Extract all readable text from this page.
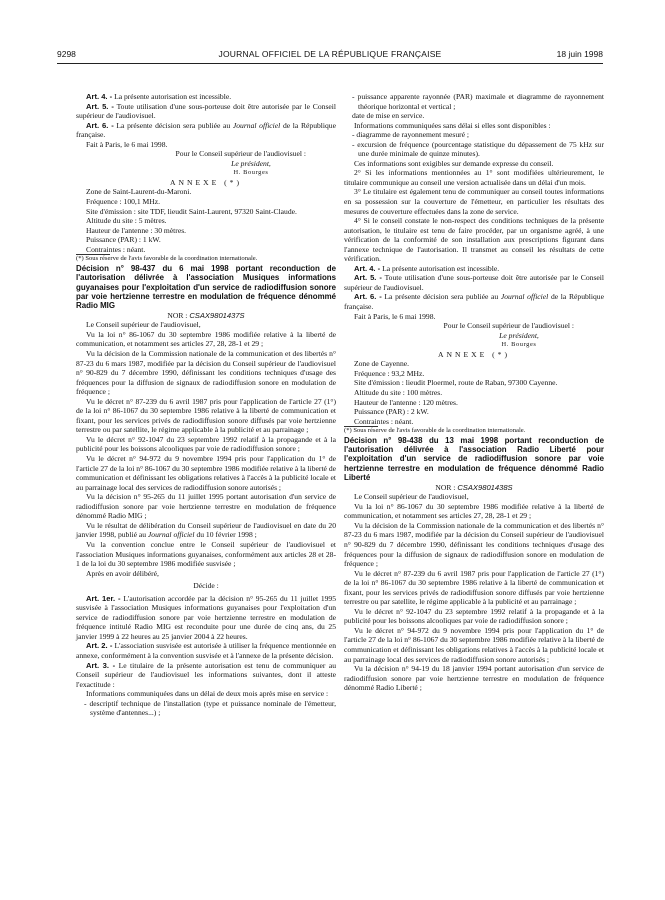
9298	JOURNAL OFFICIEL DE LA RÉPUBLIQUE FRANÇAISE	18 juin 1998
Art. 4. - La présente autorisation est incessible.
Art. 5. - Toute utilisation d'une sous-porteuse doit être autorisée par le Conseil supérieur de l'audiovisuel.
Art. 6. - La présente décision sera publiée au Journal officiel de la République française.
Fait à Paris, le 6 mai 1998.
Pour le Conseil supérieur de l'audiovisuel :
Le président,
H. Bourges
ANNEXE (*)
Zone de Saint-Laurent-du-Maroni.
Fréquence : 100,1 MHz.
Site d'émission : site TDF, lieudit Saint-Laurent, 97320 Saint-Claude.
Altitude du site : 5 mètres.
Hauteur de l'antenne : 30 mètres.
Puissance (PAR) : 1 kW.
Contraintes : néant.
(*) Sous réserve de l'avis favorable de la coordination internationale.
Décision n° 98-437 du 6 mai 1998 portant reconduction de l'autorisation délivrée à l'association Musiques informations guyanaises pour l'exploitation d'un service de radiodiffusion sonore par voie hertzienne terrestre en modulation de fréquence dénommé Radio MIG
NOR : CSAX9801437S
Le Conseil supérieur de l'audiovisuel,
Vu la loi n° 86-1067 du 30 septembre 1986 modifiée relative à la liberté de communication, et notamment ses articles 27, 28, 28-1 et 29 ;
Vu la décision de la Commission nationale de la communication et des libertés n° 87-23 du 6 mars 1987, modifiée par la décision du Conseil supérieur de l'audiovisuel n° 90-829 du 7 décembre 1990, définissant les conditions techniques d'usage des fréquences pour la diffusion de signaux de radiodiffusion sonore en modulation de fréquence ;
Vu le décret n° 87-239 du 6 avril 1987 pris pour l'application de l'article 27 (1°) de la loi n° 86-1067 du 30 septembre 1986 relative à la liberté de communication et fixant, pour les services privés de radiodiffusion sonore diffusés par voie hertzienne terrestre ou par satellite, le régime applicable à la publicité et au parrainage ;
Vu le décret n° 92-1047 du 23 septembre 1992 relatif à la propagande et à la publicité pour les boissons alcooliques par voie de radiodiffusion sonore ;
Vu le décret n° 94-972 du 9 novembre 1994 pris pour l'application du 1° de l'article 27 de la loi n° 86-1067 du 30 septembre 1986 modifiée relative à la liberté de communication et définissant les obligations relatives à l'accès à la publicité locale et au parrainage local des services de radiodiffusion sonore autorisés ;
Vu la décision n° 95-265 du 11 juillet 1995 portant autorisation d'un service de radiodiffusion sonore par voie hertzienne terrestre en modulation de fréquence dénommé Radio MIG ;
Vu le résultat de délibération du Conseil supérieur de l'audiovisuel en date du 20 janvier 1998, publié au Journal officiel du 10 février 1998 ;
Vu la convention conclue entre le Conseil supérieur de l'audiovisuel et l'association Musiques informations guyanaises, conformément aux articles 28 et 28-1 de la loi du 30 septembre 1986 modifiée susvisée ;
Après en avoir délibéré,
Décide :
Art. 1er. - L'autorisation accordée par la décision n° 95-265 du 11 juillet 1995 susvisée à l'association Musiques informations guyanaises pour l'exploitation d'un service de radiodiffusion sonore par voie hertzienne terrestre en modulation de fréquence intitulé Radio MIG est reconduite pour une durée de cinq ans, du 25 janvier 1999 à 22 heures au 25 janvier 2004 à 22 heures.
Art. 2. - L'association susvisée est autorisée à utiliser la fréquence mentionnée en annexe, conformément à la convention susvisée et à l'annexe de la présente décision.
Art. 3. - Le titulaire de la présente autorisation est tenu de communiquer au Conseil supérieur de l'audiovisuel les informations suivantes, dont il atteste l'exactitude :
Informations communiquées dans un délai de deux mois après mise en service :
- descriptif technique de l'installation (type et puissance nominale de l'émetteur, système d'antennes...) ;
- puissance apparente rayonnée (PAR) maximale et diagramme de rayonnement théorique horizontal et vertical ;
date de mise en service.
Informations communiquées sans délai si elles sont disponibles :
- diagramme de rayonnement mesuré ;
- excursion de fréquence (pourcentage statistique du dépassement de 75 kHz sur une durée minimale de quinze minutes).
Ces informations sont exigibles sur demande expresse du conseil.
2° Si les informations mentionnées au 1° sont modifiées ultérieurement, le titulaire communique au conseil une version actualisée dans un délai d'un mois.
3° Le titulaire est également tenu de communiquer au conseil toutes informations en sa possession sur la couverture de l'émetteur, en particulier les résultats des mesures de couverture effectuées dans la zone de service.
4° Si le conseil constate le non-respect des conditions techniques de la présente autorisation, le titulaire est tenu de faire procéder, par un organisme agréé, à une vérification de la conformité de son installation aux prescriptions figurant dans l'annexe technique de l'autorisation. Il transmet au conseil les résultats de cette vérification.
Art. 4. - La présente autorisation est incessible.
Art. 5. - Toute utilisation d'une sous-porteuse doit être autorisée par le Conseil supérieur de l'audiovisuel.
Art. 6. - La présente décision sera publiée au Journal officiel de la République française.
Fait à Paris, le 6 mai 1998.
Pour le Conseil supérieur de l'audiovisuel :
Le président,
H. Bourges
ANNEXE (*)
Zone de Cayenne.
Fréquence : 93,2 MHz.
Site d'émission : lieudit Ploermel, route de Raban, 97300 Cayenne.
Altitude du site : 100 mètres.
Hauteur de l'antenne : 120 mètres.
Puissance (PAR) : 2 kW.
Contraintes : néant.
(*) Sous réserve de l'avis favorable de la coordination internationale.
Décision n° 98-438 du 13 mai 1998 portant reconduction de l'autorisation délivrée à l'association Radio Liberté pour l'exploitation d'un service de radiodiffusion sonore par voie hertzienne terrestre en modulation de fréquence dénommé Radio Liberté
NOR : CSAX9801438S
Le Conseil supérieur de l'audiovisuel,
Vu la loi n° 86-1067 du 30 septembre 1986 modifiée relative à la liberté de communication, et notamment ses articles 27, 28, 28-1 et 29 ;
Vu la décision de la Commission nationale de la communication et des libertés n° 87-23 du 6 mars 1987, modifiée par la décision du Conseil supérieur de l'audiovisuel n° 90-829 du 7 décembre 1990, définissant les conditions techniques d'usage des fréquences pour la diffusion de signaux de radiodiffusion sonore en modulation de fréquence ;
Vu le décret n° 87-239 du 6 avril 1987 pris pour l'application de l'article 27 (1°) de la loi n° 86-1067 du 30 septembre 1986 relative à la liberté de communication et fixant, pour les services privés de radiodiffusion sonore diffusés par voie hertzienne terrestre ou par satellite, le régime applicable à la publicité et au parrainage ;
Vu le décret n° 92-1047 du 23 septembre 1992 relatif à la propagande et à la publicité pour les boissons alcooliques par voie de radiodiffusion sonore ;
Vu le décret n° 94-972 du 9 novembre 1994 pris pour l'application du 1° de l'article 27 de la loi n° 86-1067 du 30 septembre 1986 modifiée relative à la liberté de communication et définissant les obligations relatives à l'accès à la publicité locale et au parrainage local des services de radiodiffusion sonore autorisés ;
Vu la décision n° 94-19 du 18 janvier 1994 portant autorisation d'un service de radiodiffusion sonore par voie hertzienne terrestre en modulation de fréquence dénommé Radio Liberté ;
